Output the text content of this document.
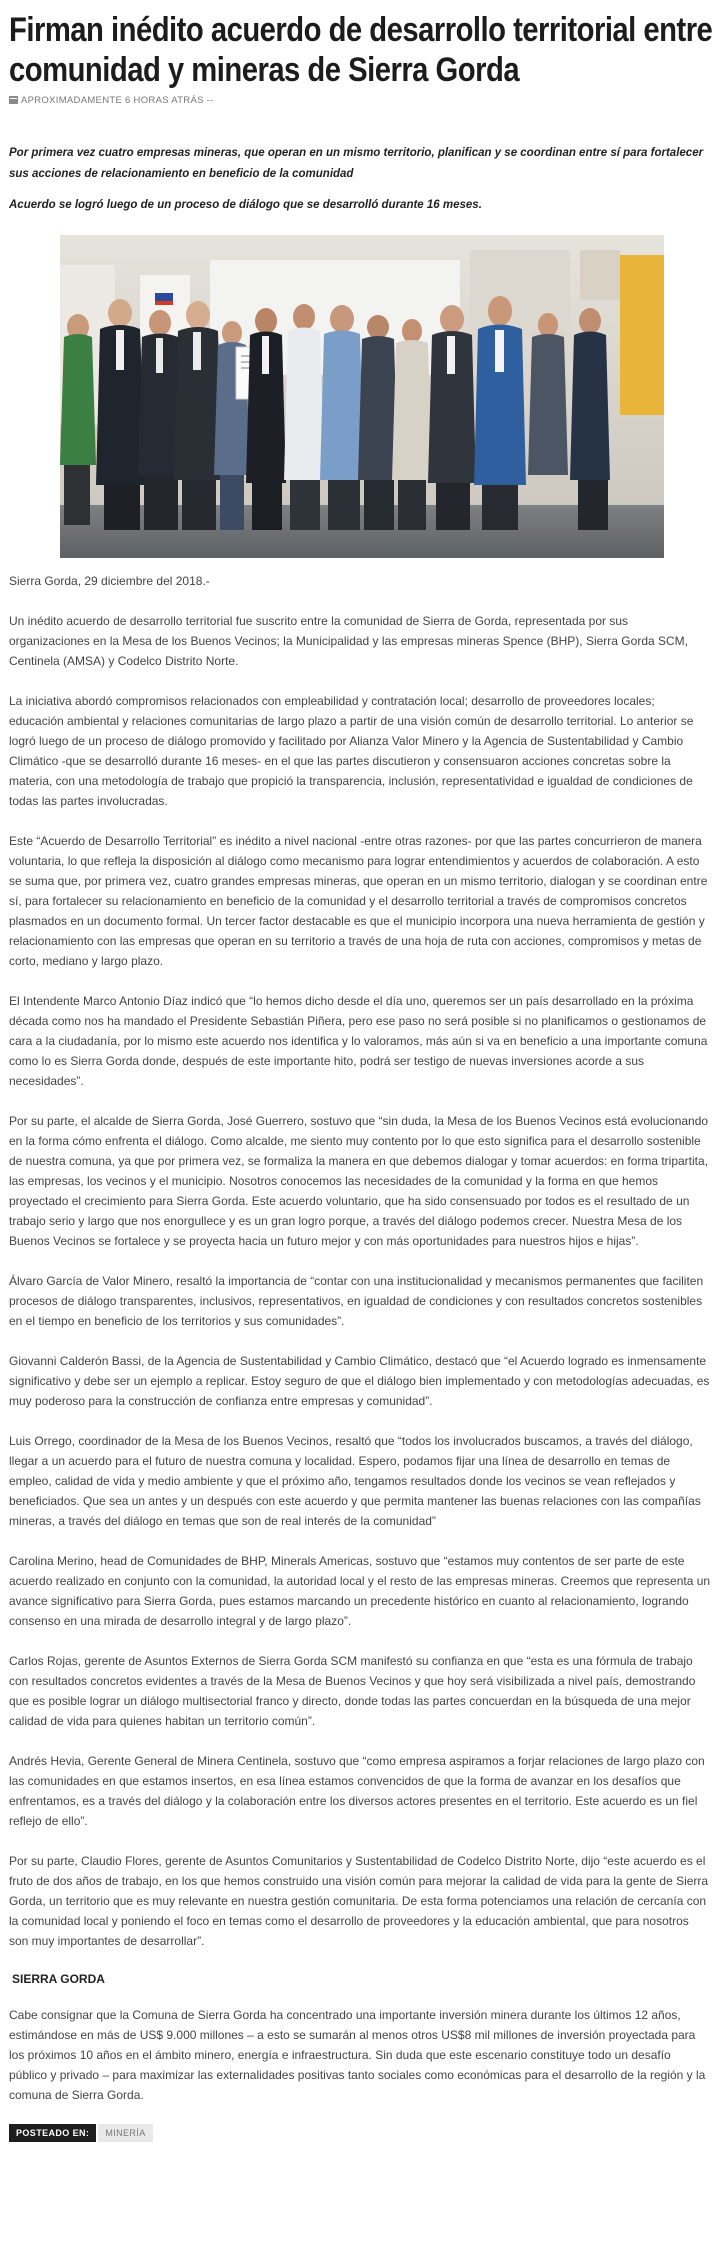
Firman inédito acuerdo de desarrollo territorial entre comunidad y mineras de Sierra Gorda
APROXIMADAMENTE 6 HORAS ATRÁS --

Por primera vez cuatro empresas mineras, que operan en un mismo territorio, planifican y se coordinan entre sí para fortalecer sus acciones de relacionamiento en beneficio de la comunidad

Acuerdo se logró luego de un proceso de diálogo que se desarrolló durante 16 meses.

Sierra Gorda, 29 diciembre del 2018.-

Un inédito acuerdo de desarrollo territorial fue suscrito entre la comunidad de Sierra de Gorda, representada por sus organizaciones en la Mesa de los Buenos Vecinos; la Municipalidad y las empresas mineras Spence (BHP), Sierra Gorda SCM, Centinela (AMSA) y Codelco Distrito Norte.

La iniciativa abordó compromisos relacionados con empleabilidad y contratación local; desarrollo de proveedores locales; educación ambiental y relaciones comunitarias de largo plazo a partir de una visión común de desarrollo territorial. Lo anterior se logró luego de un proceso de diálogo promovido y facilitado por Alianza Valor Minero y la Agencia de Sustentabilidad y Cambio Climático -que se desarrolló durante 16 meses- en el que las partes discutieron y consensuaron acciones concretas sobre la materia, con una metodología de trabajo que propició la transparencia, inclusión, representatividad e igualdad de condiciones de todas las partes involucradas.

Este “Acuerdo de Desarrollo Territorial” es inédito a nivel nacional -entre otras razones- por que las partes concurrieron de manera voluntaria, lo que refleja la disposición al diálogo como mecanismo para lograr entendimientos y acuerdos de colaboración. A esto se suma que, por primera vez, cuatro grandes empresas mineras, que operan en un mismo territorio, dialogan y se coordinan entre sí, para fortalecer su relacionamiento en beneficio de la comunidad y el desarrollo territorial a través de compromisos concretos plasmados en un documento formal. Un tercer factor destacable es que el municipio incorpora una nueva herramienta de gestión y relacionamiento con las empresas que operan en su territorio a través de una hoja de ruta con acciones, compromisos y metas de corto, mediano y largo plazo.

El Intendente Marco Antonio Díaz indicó que “lo hemos dicho desde el día uno, queremos ser un país desarrollado en la próxima década como nos ha mandado el Presidente Sebastián Piñera, pero ese paso no será posible si no planificamos o gestionamos de cara a la ciudadanía, por lo mismo este acuerdo nos identifica y lo valoramos, más aún si va en beneficio a una importante comuna como lo es Sierra Gorda donde, después de este importante hito, podrá ser testigo de nuevas inversiones acorde a sus necesidades”.

Por su parte, el alcalde de Sierra Gorda, José Guerrero, sostuvo que “sin duda, la Mesa de los Buenos Vecinos está evolucionando en la forma cómo enfrenta el diálogo. Como alcalde, me siento muy contento por lo que esto significa para el desarrollo sostenible de nuestra comuna, ya que por primera vez, se formaliza la manera en que debemos dialogar y tomar acuerdos: en forma tripartita, las empresas, los vecinos y el municipio. Nosotros conocemos las necesidades de la comunidad y la forma en que hemos proyectado el crecimiento para Sierra Gorda. Este acuerdo voluntario, que ha sido consensuado por todos es el resultado de un trabajo serio y largo que nos enorgullece y es un gran logro porque, a través del diálogo podemos crecer. Nuestra Mesa de los Buenos Vecinos se fortalece y se proyecta hacia un futuro mejor y con más oportunidades para nuestros hijos e hijas”.

Álvaro García de Valor Minero, resaltó la importancia de “contar con una institucionalidad y mecanismos permanentes que faciliten procesos de diálogo transparentes, inclusivos, representativos, en igualdad de condiciones y con resultados concretos sostenibles en el tiempo en beneficio de los territorios y sus comunidades”.

Giovanni Calderón Bassi, de la Agencia de Sustentabilidad y Cambio Climático, destacó que “el Acuerdo logrado es inmensamente significativo y debe ser un ejemplo a replicar. Estoy seguro de que el diálogo bien implementado y con metodologías adecuadas, es muy poderoso para la construcción de confianza entre empresas y comunidad”.

Luis Orrego, coordinador de la Mesa de los Buenos Vecinos, resaltó que “todos los involucrados buscamos, a través del diálogo, llegar a un acuerdo para el futuro de nuestra comuna y localidad. Espero, podamos fijar una línea de desarrollo en temas de empleo, calidad de vida y medio ambiente y que el próximo año, tengamos resultados donde los vecinos se vean reflejados y beneficiados. Que sea un antes y un después con este acuerdo y que permita mantener las buenas relaciones con las compañías mineras, a través del diálogo en temas que son de real interés de la comunidad”

Carolina Merino, head de Comunidades de BHP, Minerals Americas, sostuvo que “estamos muy contentos de ser parte de este acuerdo realizado en conjunto con la comunidad, la autoridad local y el resto de las empresas mineras. Creemos que representa un avance significativo para Sierra Gorda, pues estamos marcando un precedente histórico en cuanto al relacionamiento, logrando consenso en una mirada de desarrollo integral y de largo plazo”.

Carlos Rojas, gerente de Asuntos Externos de Sierra Gorda SCM manifestó su confianza en que “esta es una fórmula de trabajo con resultados concretos evidentes a través de la Mesa de Buenos Vecinos y que hoy será visibilizada a nivel país, demostrando que es posible lograr un diálogo multisectorial franco y directo, donde todas las partes concuerdan en la búsqueda de una mejor calidad de vida para quienes habitan un territorio común”.

Andrés Hevia, Gerente General de Minera Centinela, sostuvo que “como empresa aspiramos a forjar relaciones de largo plazo con las comunidades en que estamos insertos, en esa línea estamos convencidos de que la forma de avanzar en los desafíos que enfrentamos, es a través del diálogo y la colaboración entre los diversos actores presentes en el territorio. Este acuerdo es un fiel reflejo de ello”.

Por su parte, Claudio Flores, gerente de Asuntos Comunitarios y Sustentabilidad de Codelco Distrito Norte, dijo “este acuerdo es el fruto de dos años de trabajo, en los que hemos construido una visión común para mejorar la calidad de vida para la gente de Sierra Gorda, un territorio que es muy relevante en nuestra gestión comunitaria. De esta forma potenciamos una relación de cercanía con la comunidad local y poniendo el foco en temas como el desarrollo de proveedores y la educación ambiental, que para nosotros son muy importantes de desarrollar”.

SIERRA GORDA

Cabe consignar que la Comuna de Sierra Gorda ha concentrado una importante inversión minera durante los últimos 12 años, estimándose en más de US$ 9.000 millones – a esto se sumarán al menos otros US$8 mil millones de inversión proyectada para los próximos 10 años en el ámbito minero, energía e infraestructura. Sin duda que este escenario constituye todo un desafío público y privado – para maximizar las externalidades positivas tanto sociales como económicas para el desarrollo de la región y la comuna de Sierra Gorda.

POSTEADO EN:	MINERÍA
